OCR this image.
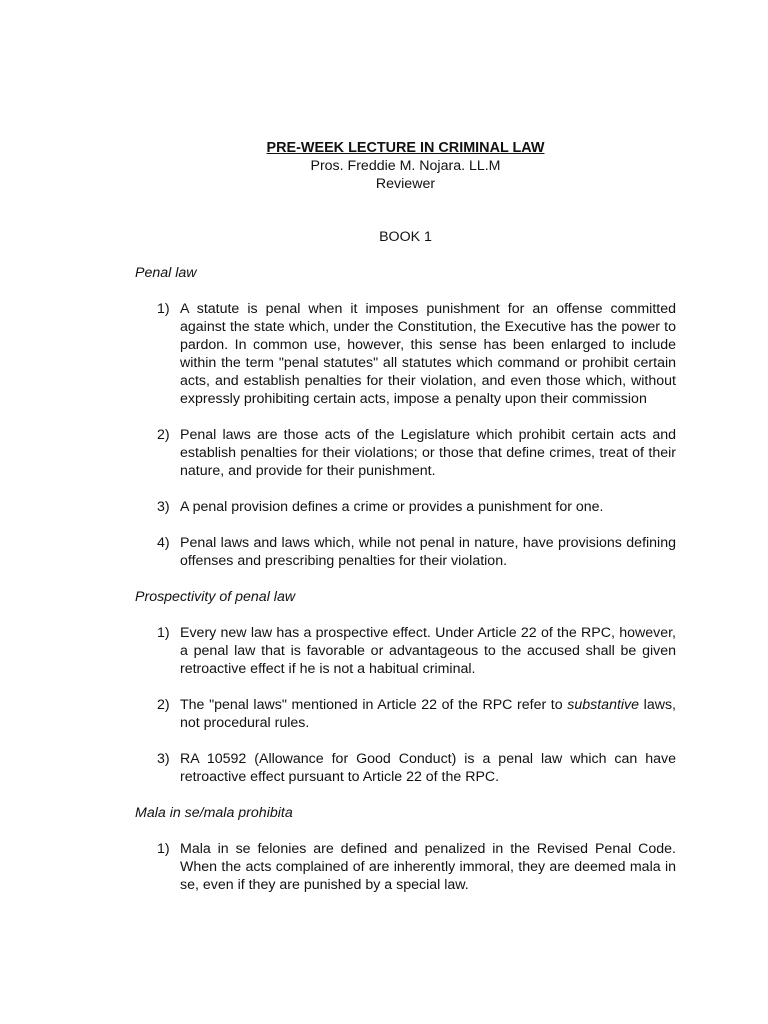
PRE-WEEK LECTURE IN CRIMINAL LAW
Pros. Freddie M. Nojara. LL.M
Reviewer
BOOK 1
Penal law
1) A statute is penal when it imposes punishment for an offense committed against the state which, under the Constitution, the Executive has the power to pardon. In common use, however, this sense has been enlarged to include within the term "penal statutes" all statutes which command or prohibit certain acts, and establish penalties for their violation, and even those which, without expressly prohibiting certain acts, impose a penalty upon their commission
2) Penal laws are those acts of the Legislature which prohibit certain acts and establish penalties for their violations; or those that define crimes, treat of their nature, and provide for their punishment.
3) A penal provision defines a crime or provides a punishment for one.
4) Penal laws and laws which, while not penal in nature, have provisions defining offenses and prescribing penalties for their violation.
Prospectivity of penal law
1) Every new law has a prospective effect. Under Article 22 of the RPC, however, a penal law that is favorable or advantageous to the accused shall be given retroactive effect if he is not a habitual criminal.
2) The "penal laws" mentioned in Article 22 of the RPC refer to substantive laws, not procedural rules.
3) RA 10592 (Allowance for Good Conduct) is a penal law which can have retroactive effect pursuant to Article 22 of the RPC.
Mala in se/mala prohibita
1) Mala in se felonies are defined and penalized in the Revised Penal Code. When the acts complained of are inherently immoral, they are deemed mala in se, even if they are punished by a special law.
